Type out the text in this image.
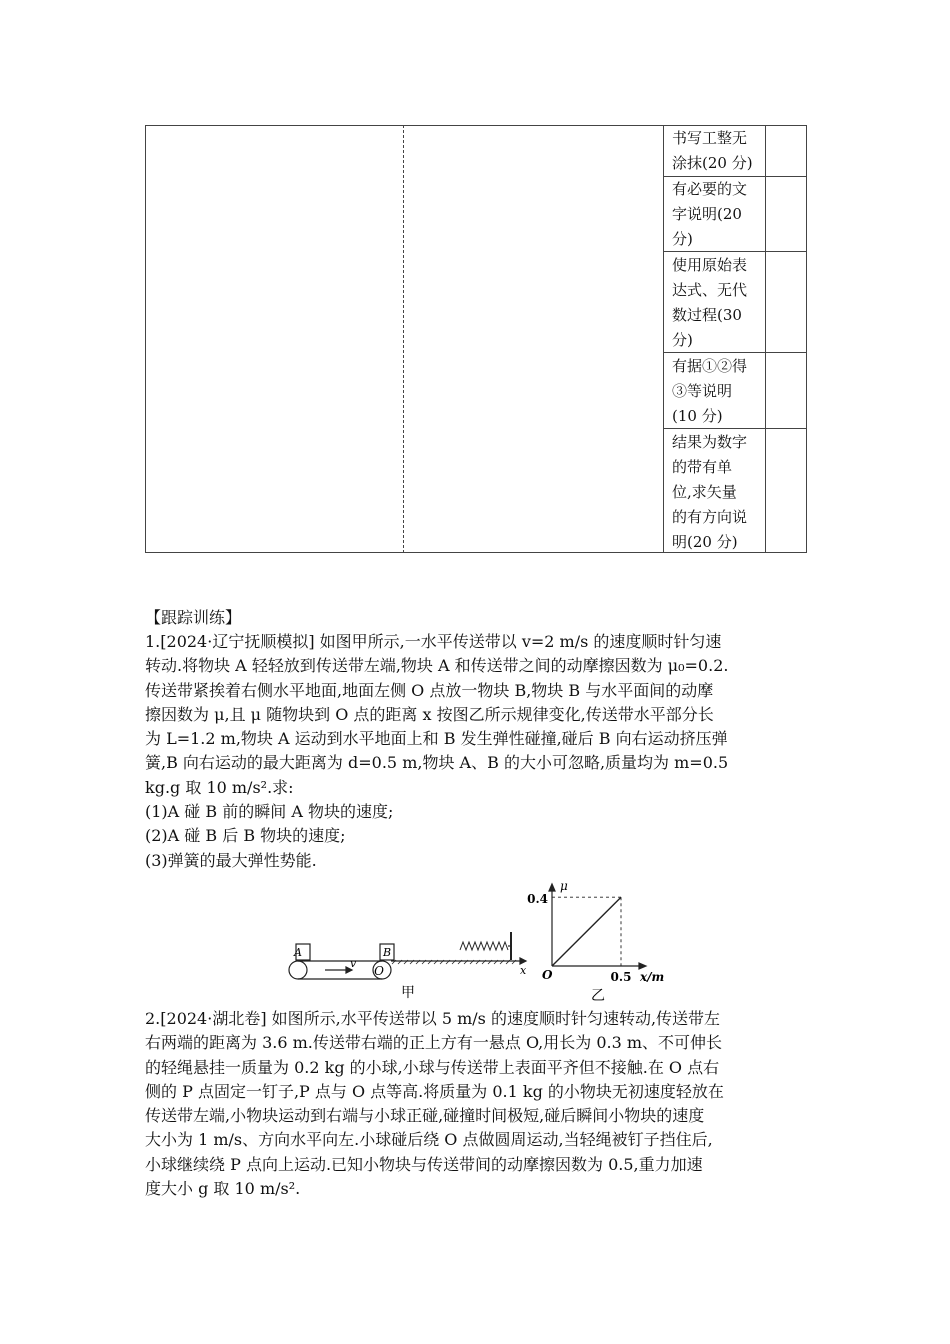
书写工整无
涂抹(20 分)
有必要的文
字说明(20
分)
使用原始表
达式、无代
数过程(30
分)
有据①②得
③等说明
(10 分)
结果为数字
的带有单
位,求矢量
的有方向说
明(20 分)
【跟踪训练】
1.[2024·辽宁抚顺模拟] 如图甲所示,一水平传送带以 v=2 m/s 的速度顺时针匀速
转动.将物块 A 轻轻放到传送带左端,物块 A 和传送带之间的动摩擦因数为 μ₀=0.2.
传送带紧挨着右侧水平地面,地面左侧 O 点放一物块 B,物块 B 与水平面间的动摩
擦因数为 μ,且 μ 随物块到 O 点的距离 x 按图乙所示规律变化,传送带水平部分长
为 L=1.2 m,物块 A 运动到水平地面上和 B 发生弹性碰撞,碰后 B 向右运动挤压弹
簧,B 向右运动的最大距离为 d=0.5 m,物块 A、B 的大小可忽略,质量均为 m=0.5
kg.g 取 10 m/s².求:
(1)A 碰 B 前的瞬间 A 物块的速度;
(2)A 碰 B 后 B 物块的速度;
(3)弹簧的最大弹性势能.
A	B
O
v
x
甲
μ
0.4
O	0.5 x/m
乙
2.[2024·湖北卷] 如图所示,水平传送带以 5 m/s 的速度顺时针匀速转动,传送带左
右两端的距离为 3.6 m.传送带右端的正上方有一悬点 O,用长为 0.3 m、不可伸长
的轻绳悬挂一质量为 0.2 kg 的小球,小球与传送带上表面平齐但不接触.在 O 点右
侧的 P 点固定一钉子,P 点与 O 点等高.将质量为 0.1 kg 的小物块无初速度轻放在
传送带左端,小物块运动到右端与小球正碰,碰撞时间极短,碰后瞬间小物块的速度
大小为 1 m/s、方向水平向左.小球碰后绕 O 点做圆周运动,当轻绳被钉子挡住后,
小球继续绕 P 点向上运动.已知小物块与传送带间的动摩擦因数为 0.5,重力加速
度大小 g 取 10 m/s².
